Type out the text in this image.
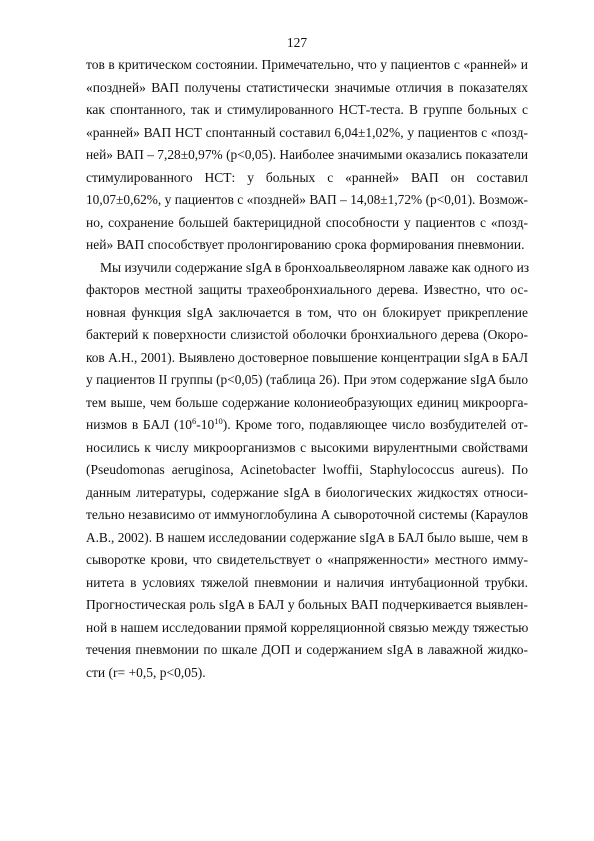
127
тов в критическом состоянии. Примечательно, что у пациентов с «ранней» и
«поздней» ВАП получены статистически значимые отличия в показателях
как спонтанного, так и стимулированного НСТ-теста. В группе больных с
«ранней» ВАП НСТ спонтанный составил 6,04±1,02%, у пациентов с «позд-
ней» ВАП – 7,28±0,97% (р<0,05). Наиболее значимыми оказались показатели
стимулированного НСТ: у больных с «ранней» ВАП он составил
10,07±0,62%, у пациентов с «поздней» ВАП – 14,08±1,72% (р<0,01). Возмож-
но, сохранение большей бактерицидной способности у пациентов с «позд-
ней» ВАП способствует пролонгированию срока формирования пневмонии.
Мы изучили содержание sIgA в бронхоальвеолярном лаваже как одного из
факторов местной защиты трахеобронхиального дерева. Известно, что ос-
новная функция sIgA заключается в том, что он блокирует прикрепление
бактерий к поверхности слизистой оболочки бронхиального дерева (Окоро-
ков А.Н., 2001). Выявлено достоверное повышение концентрации sIgA в БАЛ
у пациентов II группы (р<0,05) (таблица 26). При этом содержание sIgA было
тем выше, чем больше содержание колониеобразующих единиц микроорга-
низмов в БАЛ $(10^6-10^{10})$. Кроме того, подавляющее число возбудителей от-
носились к числу микроорганизмов с высокими вирулентными свойствами
(Pseudomonas aeruginosa, Acinetobacter lwoffii, Staphylococcus aureus). По
данным литературы, содержание sIgA в биологических жидкостях относи-
тельно независимо от иммуноглобулина А сывороточной системы (Караулов
А.В., 2002). В нашем исследовании содержание sIgA в БАЛ было выше, чем в
сыворотке крови, что свидетельствует о «напряженности» местного имму-
нитета в условиях тяжелой пневмонии и наличия интубационной трубки.
Прогностическая роль sIgA в БАЛ у больных ВАП подчеркивается выявлен-
ной в нашем исследовании прямой корреляционной связью между тяжестью
течения пневмонии по шкале ДОП и содержанием sIgA в лаважной жидко-
сти (r= +0,5, p<0,05).
